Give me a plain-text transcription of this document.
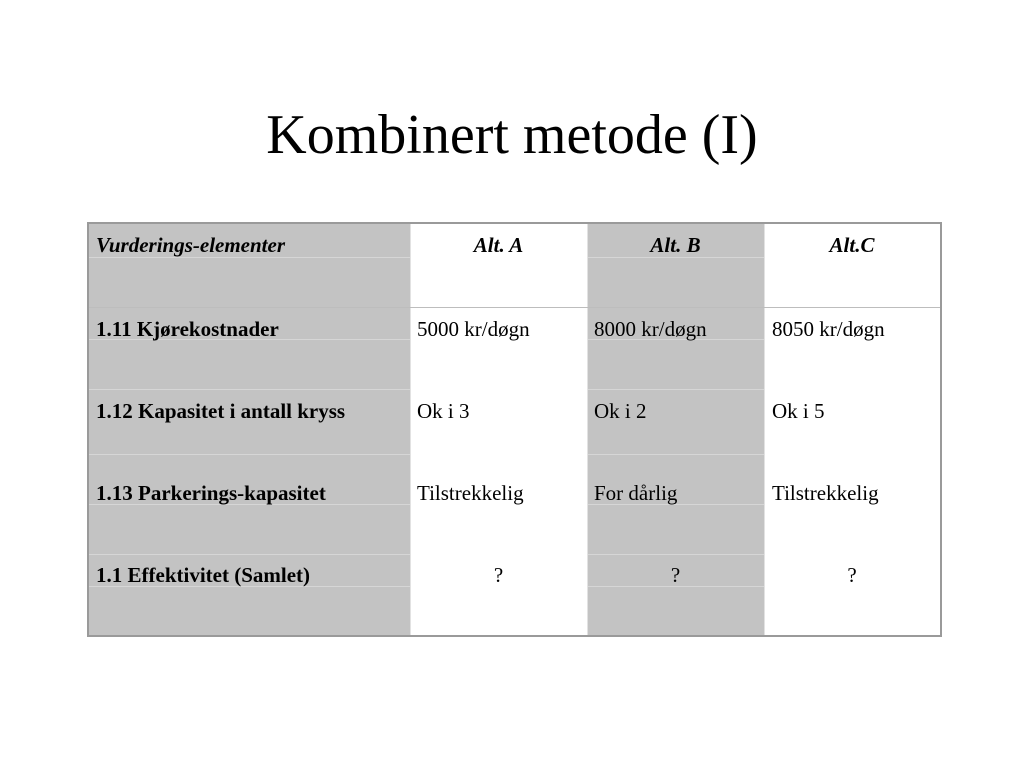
Kombinert metode (I)
Vurderings-elementer	Alt. A	Alt. B	Alt.C
1.11 Kjørekostnader	5000 kr/døgn	8000 kr/døgn	8050 kr/døgn
1.12 Kapasitet i antall kryss	Ok i 3	Ok i 2	Ok i 5
1.13 Parkerings-kapasitet	Tilstrekkelig	For dårlig	Tilstrekkelig
1.1 Effektivitet (Samlet)	?	?	?
